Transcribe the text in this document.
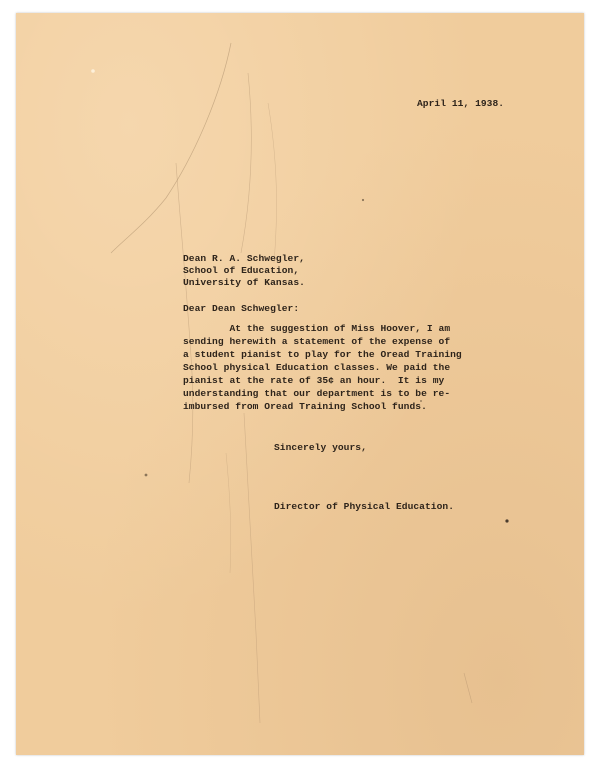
April 11, 1938.
Dean R. A. Schwegler,
School of Education,
University of Kansas.
Dear Dean Schwegler:
At the suggestion of Miss Hoover, I am
sending herewith a statement of the expense of
a student pianist to play for the Oread Training
School physical Education classes. We paid the
pianist at the rate of 35¢ an hour.  It is my
understanding that our department is to be re-
imbursed from Oread Training School funds.
Sincerely yours,
Director of Physical Education.
